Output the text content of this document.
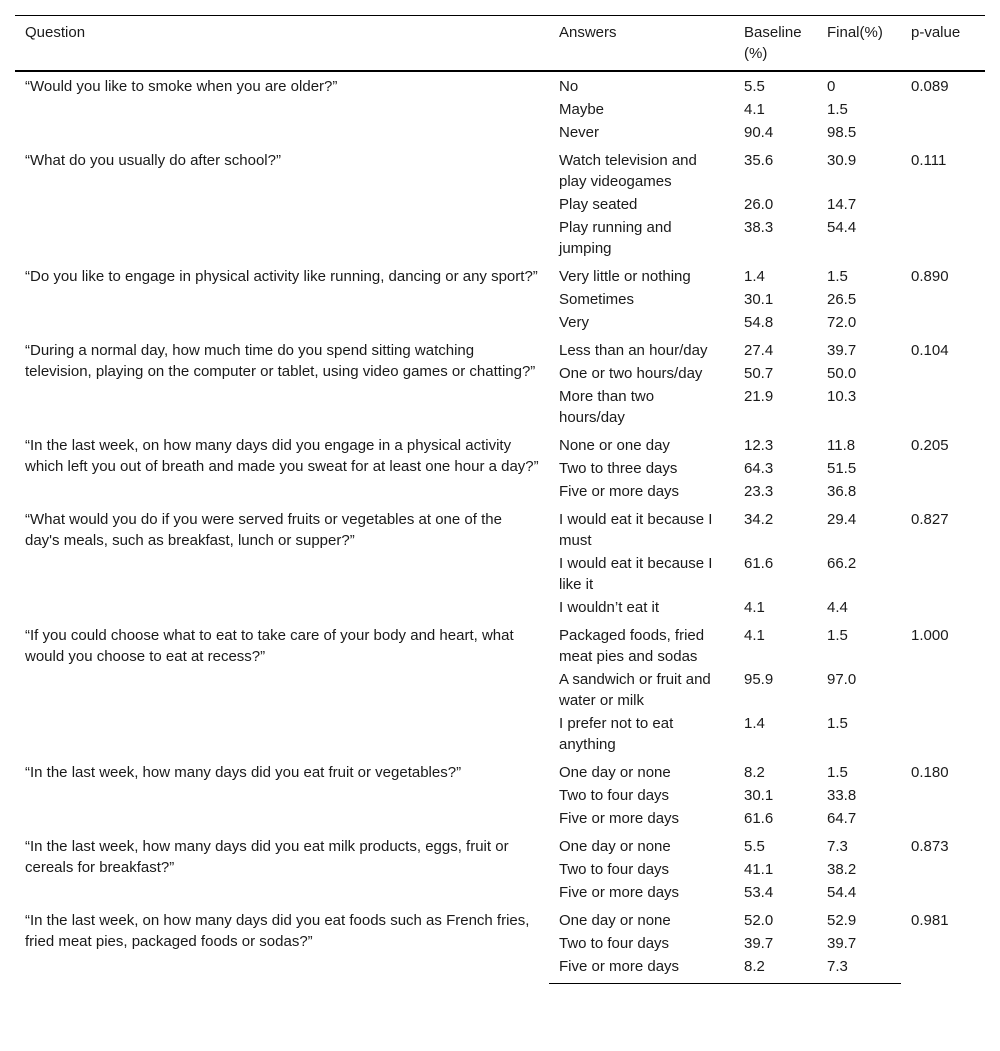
Question	Answers	Baseline (%)	Final(%)	p-value
“Would you like to smoke when you are older?”	No	5.5	0	0.089
	Maybe	4.1	1.5	
	Never	90.4	98.5	
“What do you usually do after school?”	Watch television and play videogames	35.6	30.9	0.111
	Play seated	26.0	14.7	
	Play running and jumping	38.3	54.4	
“Do you like to engage in physical activity like running, dancing or any sport?”	Very little or nothing	1.4	1.5	0.890
	Sometimes	30.1	26.5	
	Very	54.8	72.0	
“During a normal day, how much time do you spend sitting watching television, playing on the computer or tablet, using video games or chatting?”	Less than an hour/day	27.4	39.7	0.104
	One or two hours/day	50.7	50.0	
	More than two hours/day	21.9	10.3	
“In the last week, on how many days did you engage in a physical activity which left you out of breath and made you sweat for at least one hour a day?”	None or one day	12.3	11.8	0.205
	Two to three days	64.3	51.5	
	Five or more days	23.3	36.8	
“What would you do if you were served fruits or vegetables at one of the day's meals, such as breakfast, lunch or supper?”	I would eat it because I must	34.2	29.4	0.827
	I would eat it because I like it	61.6	66.2	
	I wouldn’t eat it	4.1	4.4	
“If you could choose what to eat to take care of your body and heart, what would you choose to eat at recess?”	Packaged foods, fried meat pies and sodas	4.1	1.5	1.000
	A sandwich or fruit and water or milk	95.9	97.0	
	I prefer not to eat anything	1.4	1.5	
“In the last week, how many days did you eat fruit or vegetables?”	One day or none	8.2	1.5	0.180
	Two to four days	30.1	33.8	
	Five or more days	61.6	64.7	
“In the last week, how many days did you eat milk products, eggs, fruit or cereals for breakfast?”	One day or none	5.5	7.3	0.873
	Two to four days	41.1	38.2	
	Five or more days	53.4	54.4	
“In the last week, on how many days did you eat foods such as French fries, fried meat pies, packaged foods or sodas?”	One day or none	52.0	52.9	0.981
	Two to four days	39.7	39.7	
	Five or more days	8.2	7.3	
